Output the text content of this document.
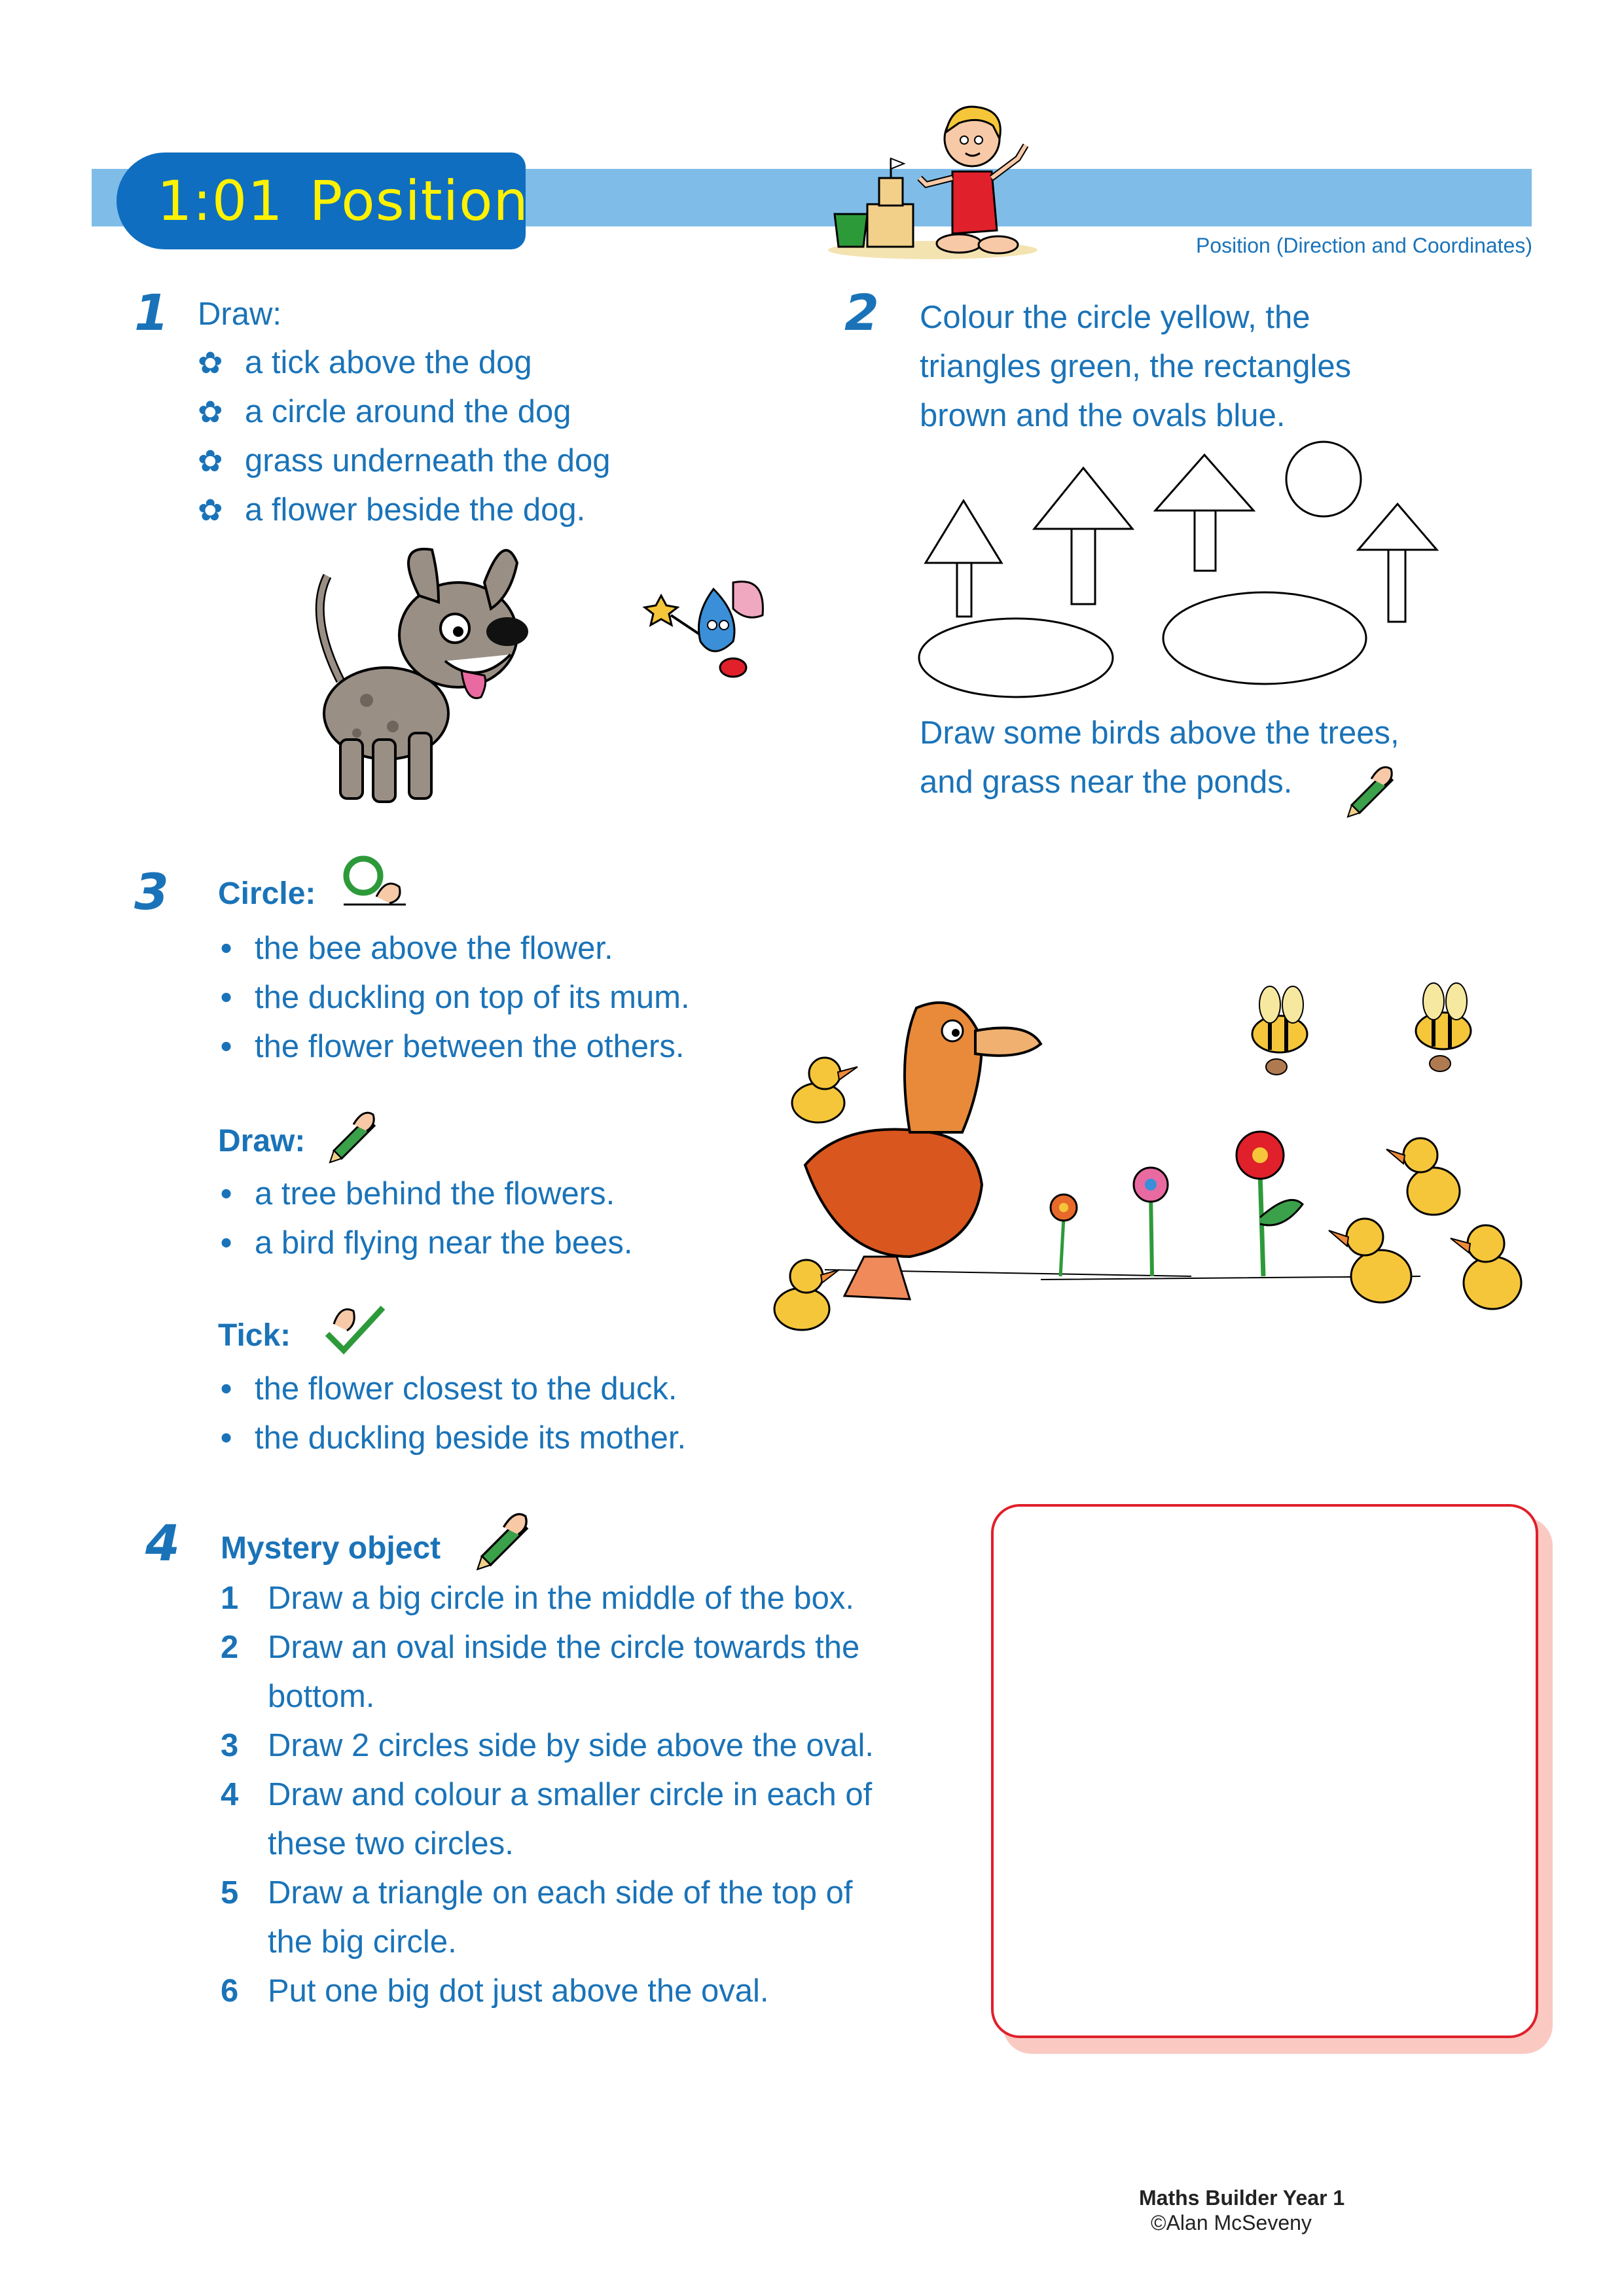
1:01 Position
Position (Direction and Coordinates)
1 Draw:
✿ a tick above the dog
✿ a circle around the dog
✿ grass underneath the dog
✿ a flower beside the dog.
2 Colour the circle yellow, the
triangles green, the rectangles
brown and the ovals blue.
Draw some birds above the trees,
and grass near the ponds.
3 Circle:
• the bee above the flower.
• the duckling on top of its mum.
• the flower between the others.
Draw:
• a tree behind the flowers.
• a bird flying near the bees.
Tick:
• the flower closest to the duck.
• the duckling beside its mother.
4 Mystery object
1 Draw a big circle in the middle of the box.
2 Draw an oval inside the circle towards the
bottom.
3 Draw 2 circles side by side above the oval.
4 Draw and colour a smaller circle in each of
these two circles.
5 Draw a triangle on each side of the top of
the big circle.
6 Put one big dot just above the oval.
Maths Builder Year 1
©Alan McSeveny
